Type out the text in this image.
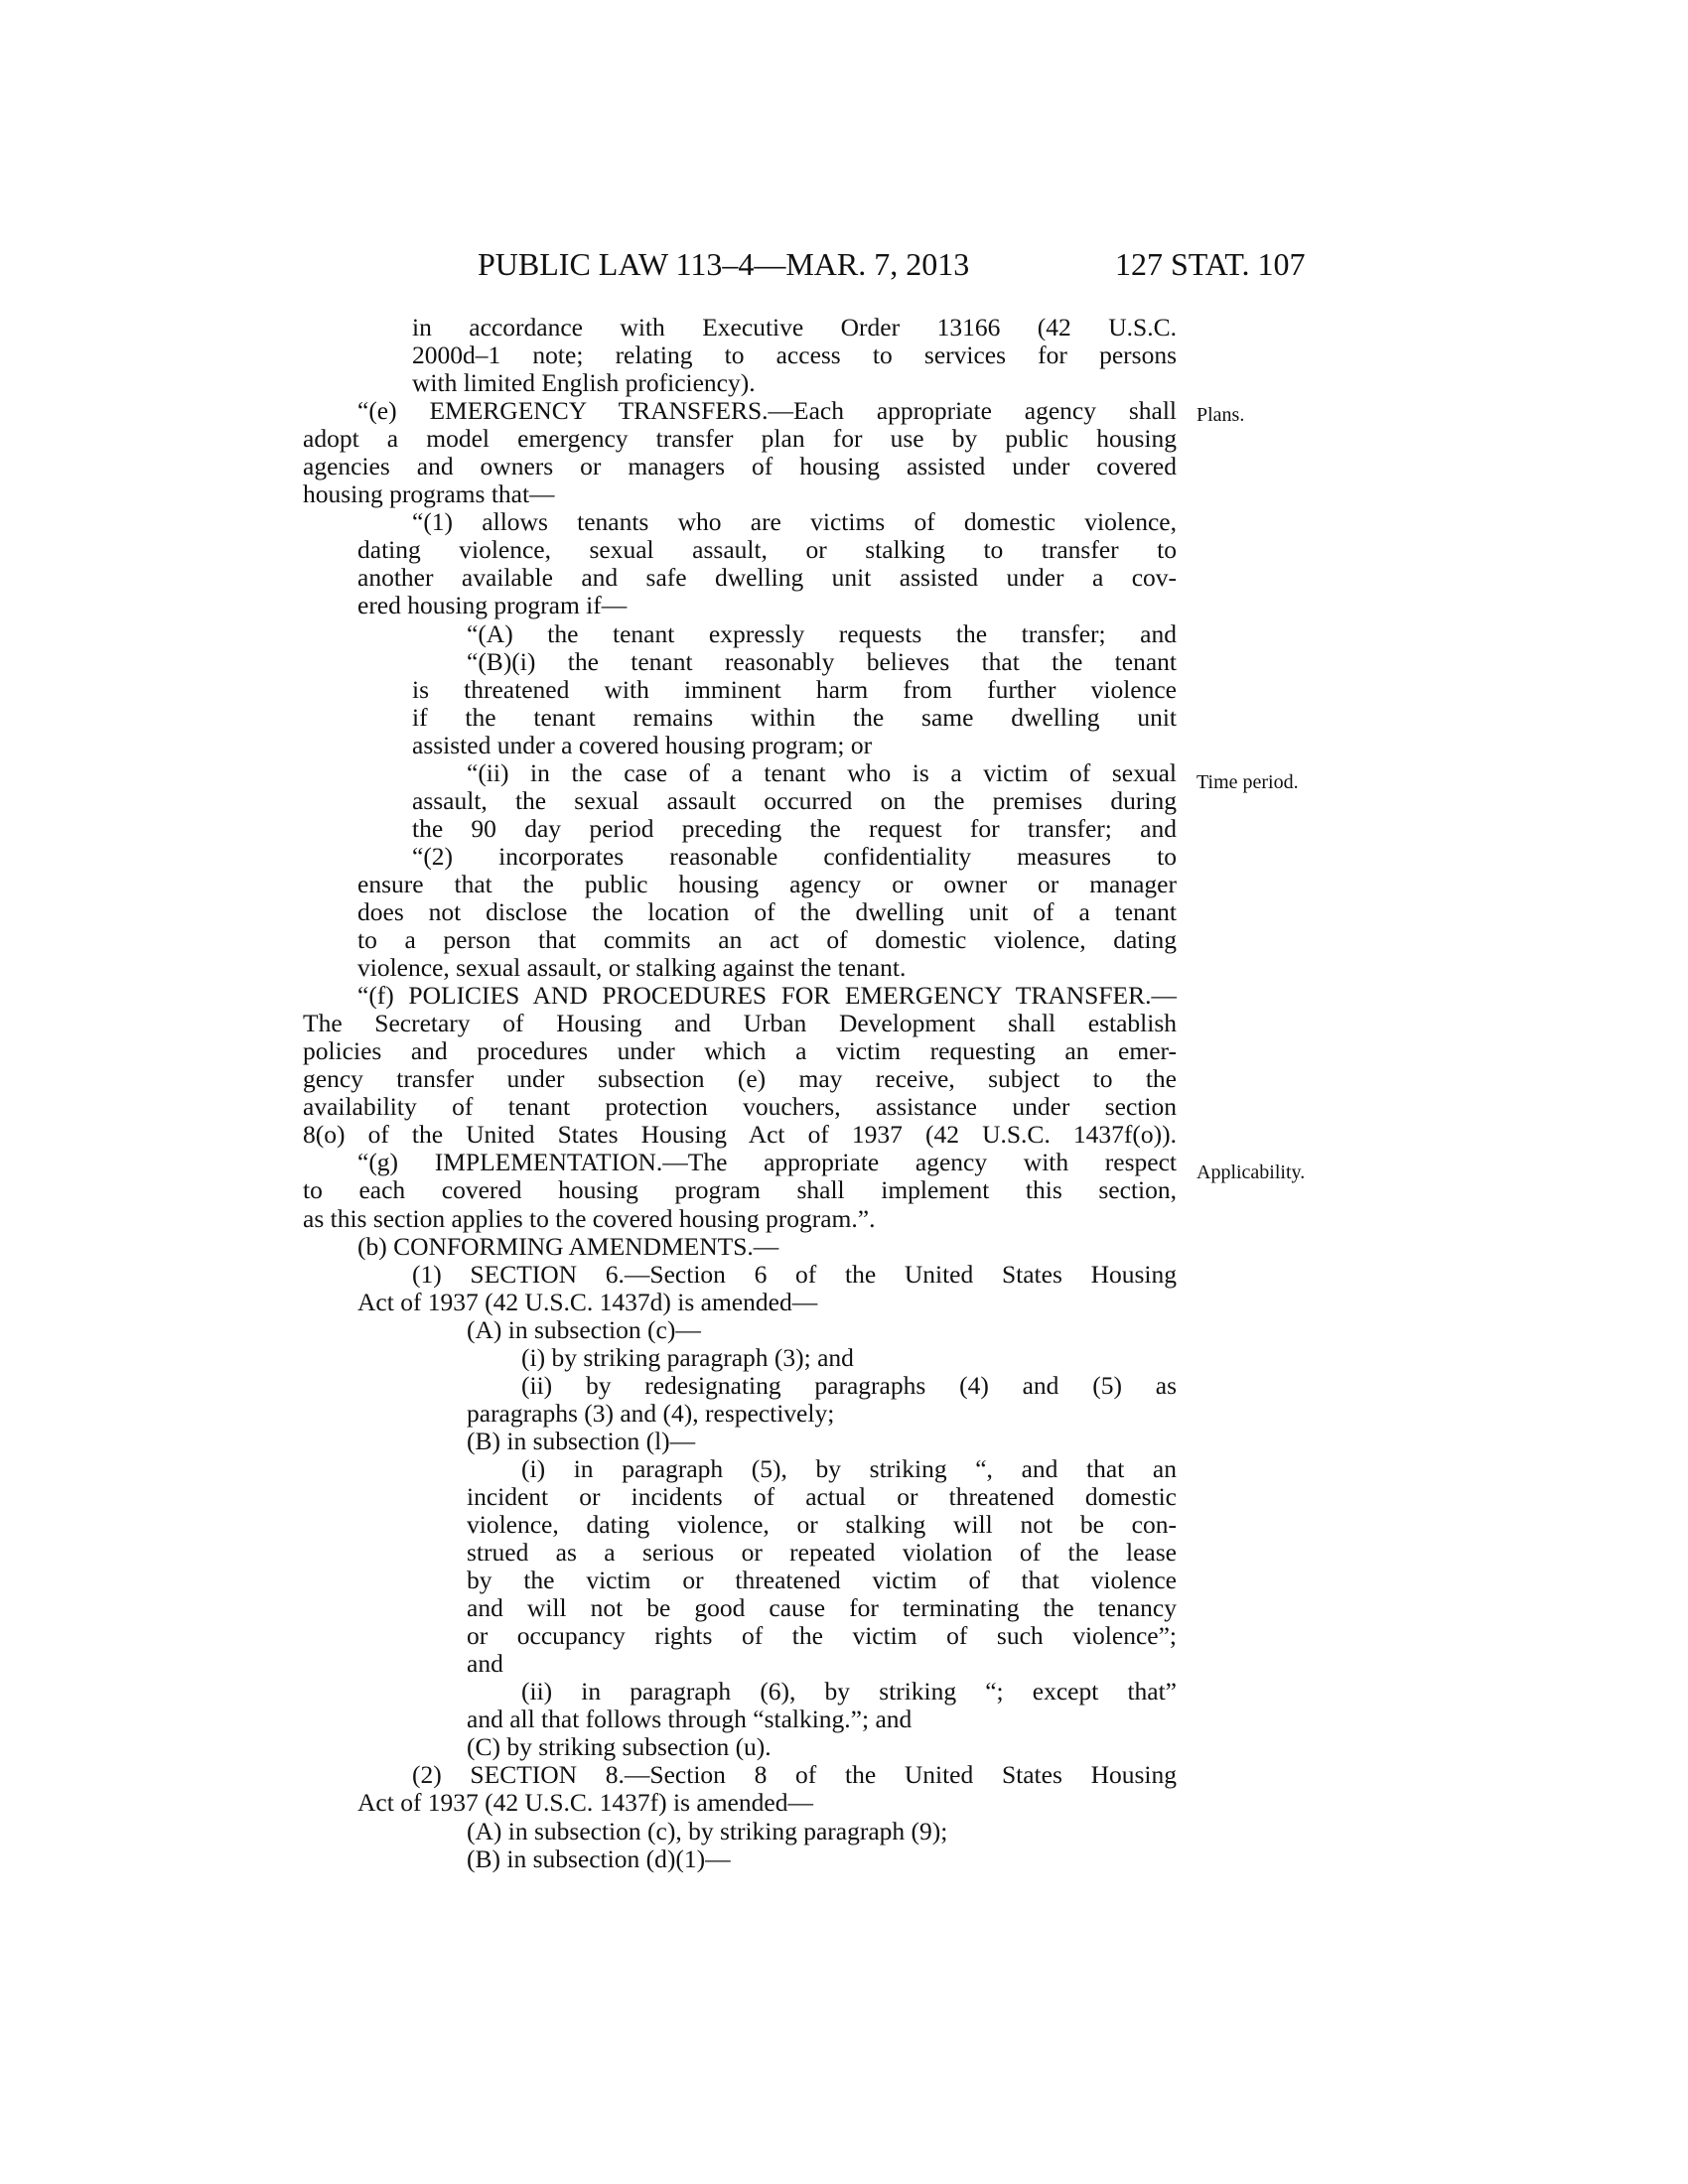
PUBLIC LAW 113–4—MAR. 7, 2013	127 STAT. 107
Plans.
Time period.
Applicability.
in accordance with Executive Order 13166 (42 U.S.C.
2000d–1 note; relating to access to services for persons
with limited English proficiency).
“(e) EMERGENCY TRANSFERS.—Each appropriate agency shall
adopt a model emergency transfer plan for use by public housing
agencies and owners or managers of housing assisted under covered
housing programs that—
“(1) allows tenants who are victims of domestic violence,
dating violence, sexual assault, or stalking to transfer to
another available and safe dwelling unit assisted under a cov-
ered housing program if—
“(A) the tenant expressly requests the transfer; and
“(B)(i) the tenant reasonably believes that the tenant
is threatened with imminent harm from further violence
if the tenant remains within the same dwelling unit
assisted under a covered housing program; or
“(ii) in the case of a tenant who is a victim of sexual
assault, the sexual assault occurred on the premises during
the 90 day period preceding the request for transfer; and
“(2) incorporates reasonable confidentiality measures to
ensure that the public housing agency or owner or manager
does not disclose the location of the dwelling unit of a tenant
to a person that commits an act of domestic violence, dating
violence, sexual assault, or stalking against the tenant.
“(f) POLICIES AND PROCEDURES FOR EMERGENCY TRANSFER.—
The Secretary of Housing and Urban Development shall establish
policies and procedures under which a victim requesting an emer-
gency transfer under subsection (e) may receive, subject to the
availability of tenant protection vouchers, assistance under section
8(o) of the United States Housing Act of 1937 (42 U.S.C. 1437f(o)).
“(g) IMPLEMENTATION.—The appropriate agency with respect
to each covered housing program shall implement this section,
as this section applies to the covered housing program.”.
(b) CONFORMING AMENDMENTS.—
(1) SECTION 6.—Section 6 of the United States Housing
Act of 1937 (42 U.S.C. 1437d) is amended—
(A) in subsection (c)—
(i) by striking paragraph (3); and
(ii) by redesignating paragraphs (4) and (5) as
paragraphs (3) and (4), respectively;
(B) in subsection (l)—
(i) in paragraph (5), by striking “, and that an
incident or incidents of actual or threatened domestic
violence, dating violence, or stalking will not be con-
strued as a serious or repeated violation of the lease
by the victim or threatened victim of that violence
and will not be good cause for terminating the tenancy
or occupancy rights of the victim of such violence”;
and
(ii) in paragraph (6), by striking “; except that”
and all that follows through “stalking.”; and
(C) by striking subsection (u).
(2) SECTION 8.—Section 8 of the United States Housing
Act of 1937 (42 U.S.C. 1437f) is amended—
(A) in subsection (c), by striking paragraph (9);
(B) in subsection (d)(1)—
